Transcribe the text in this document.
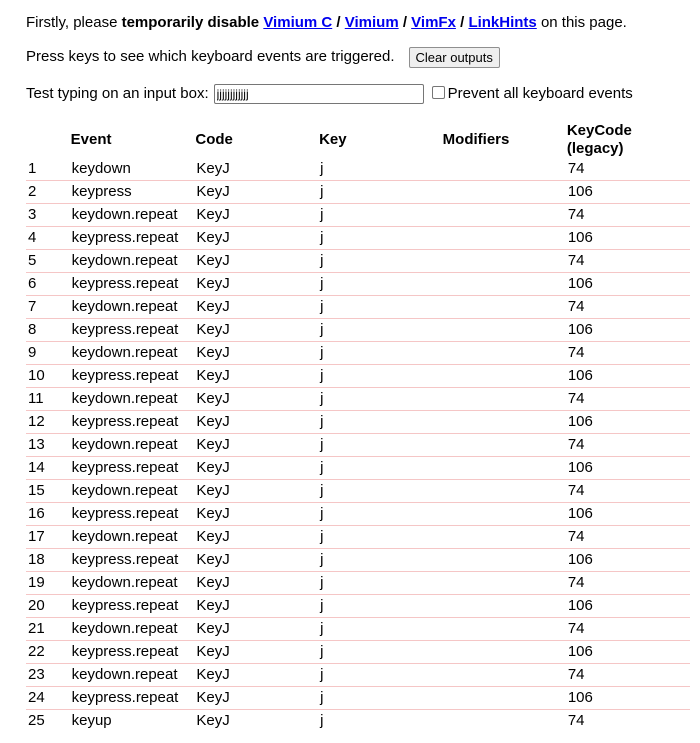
Firstly, please temporarily disable Vimium C / Vimium / VimFx / LinkHints on this page.
Press keys to see which keyboard events are triggered.	Clear outputs
Test typing on an input box:
jjjjjjjjjjjj	Prevent all keyboard events
	Event	Code	Key	Modifiers	KeyCode
(legacy)
1	keydown	KeyJ	j		74
2	keypress	KeyJ	j		106
3	keydown.repeat	KeyJ	j		74
4	keypress.repeat	KeyJ	j		106
5	keydown.repeat	KeyJ	j		74
6	keypress.repeat	KeyJ	j		106
7	keydown.repeat	KeyJ	j		74
8	keypress.repeat	KeyJ	j		106
9	keydown.repeat	KeyJ	j		74
10	keypress.repeat	KeyJ	j		106
11	keydown.repeat	KeyJ	j		74
12	keypress.repeat	KeyJ	j		106
13	keydown.repeat	KeyJ	j		74
14	keypress.repeat	KeyJ	j		106
15	keydown.repeat	KeyJ	j		74
16	keypress.repeat	KeyJ	j		106
17	keydown.repeat	KeyJ	j		74
18	keypress.repeat	KeyJ	j		106
19	keydown.repeat	KeyJ	j		74
20	keypress.repeat	KeyJ	j		106
21	keydown.repeat	KeyJ	j		74
22	keypress.repeat	KeyJ	j		106
23	keydown.repeat	KeyJ	j		74
24	keypress.repeat	KeyJ	j		106
25	keyup	KeyJ	j		74
